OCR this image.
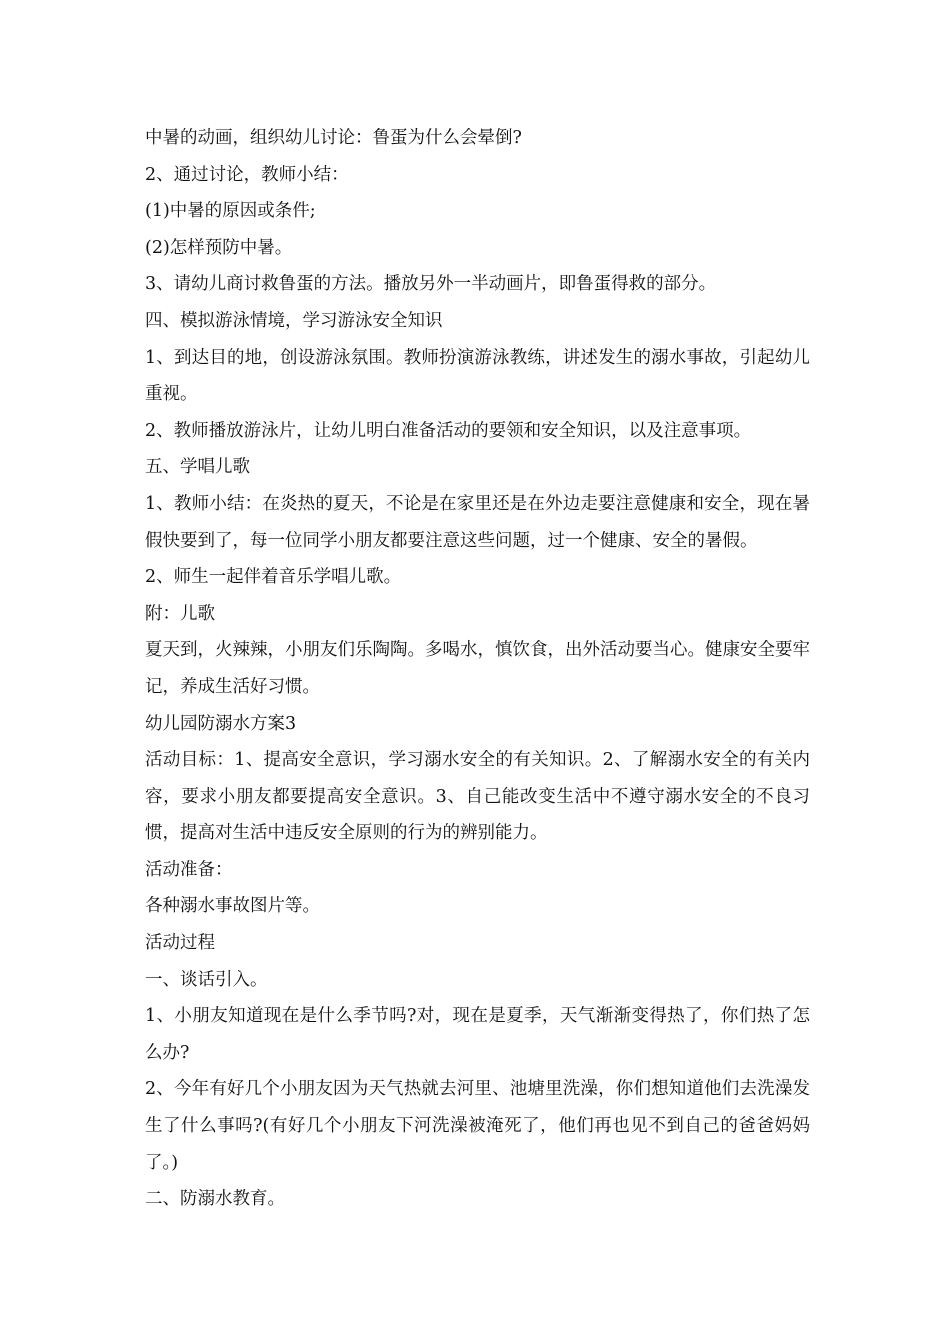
中暑的动画，组织幼儿讨论：鲁蛋为什么会晕倒?

2、通过讨论，教师小结：

(1)中暑的原因或条件;

(2)怎样预防中暑。

3、请幼儿商讨救鲁蛋的方法。播放另外一半动画片，即鲁蛋得救的部分。

四、模拟游泳情境，学习游泳安全知识

1、到达目的地，创设游泳氛围。教师扮演游泳教练，讲述发生的溺水事故，引起幼儿重视。

2、教师播放游泳片，让幼儿明白准备活动的要领和安全知识，以及注意事项。

五、学唱儿歌

1、教师小结：在炎热的夏天，不论是在家里还是在外边走要注意健康和安全，现在暑假快要到了，每一位同学小朋友都要注意这些问题，过一个健康、安全的暑假。

2、师生一起伴着音乐学唱儿歌。

附：儿歌

夏天到，火辣辣，小朋友们乐陶陶。多喝水，慎饮食，出外活动要当心。健康安全要牢记，养成生活好习惯。

幼儿园防溺水方案3

活动目标：1、提高安全意识，学习溺水安全的有关知识。2、了解溺水安全的有关内容，要求小朋友都要提高安全意识。3、自己能改变生活中不遵守溺水安全的不良习惯，提高对生活中违反安全原则的行为的辨别能力。

活动准备：

各种溺水事故图片等。

活动过程

一、谈话引入。

1、小朋友知道现在是什么季节吗?对，现在是夏季，天气渐渐变得热了，你们热了怎么办?

2、今年有好几个小朋友因为天气热就去河里、池塘里洗澡，你们想知道他们去洗澡发生了什么事吗?(有好几个小朋友下河洗澡被淹死了，他们再也见不到自己的爸爸妈妈了。)

二、防溺水教育。
